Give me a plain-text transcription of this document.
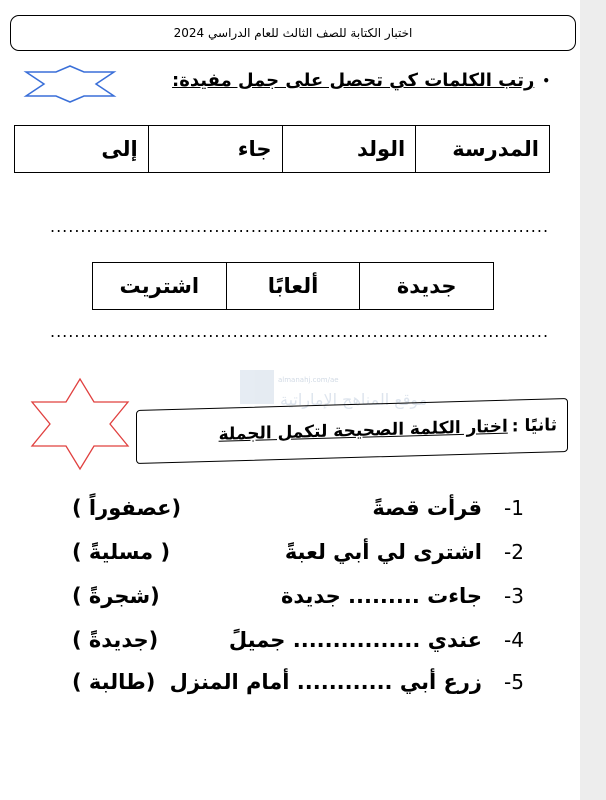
اختبار الكتابة للصف الثالث للعام الدراسي 2024
•
رتب الكلمات كي تحصل على جمل مفيدة:
المدرسة	الولد	جاء	إلى
..................................................................................
جديدة	ألعابًا	اشتريت
..................................................................................
almanahj.com/ae
موقع المناهج الإماراتية
ثانيًا :
اختار الكلمة الصحيحة لتكمل الجملة
-1
قرأت قصةً
(عصفوراً )
-2
اشترى لي أبي لعبةً
( مسليةً )
-3
جاءت ......... جديدة
(شجرةً )
-4
عندي ................ جميلً
(جديدةً )
-5
زرع أبي ............ أمام المنزل
(طالبة )
